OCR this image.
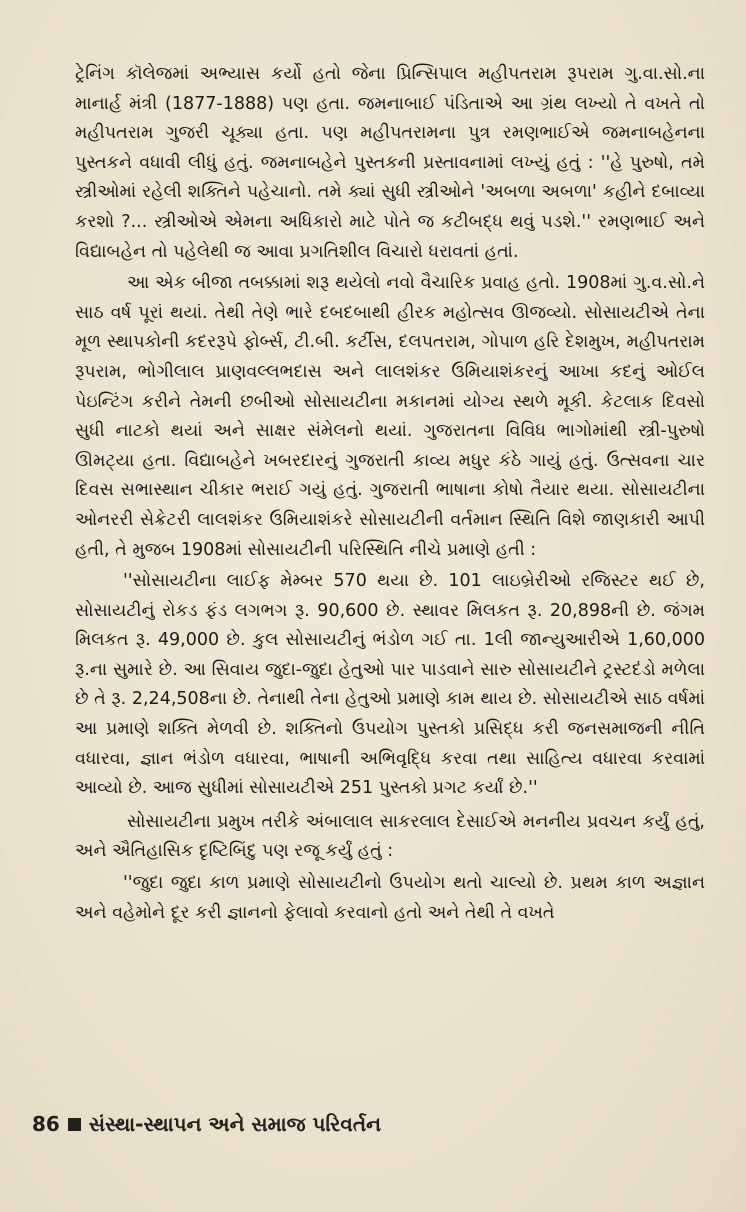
ટ્રેનિંગ કૉલેજમાં અભ્યાસ કર્યો હતો જેના પ્રિન્સિપાલ મહીપતરામ રૂપરામ ગુ.વા.સો.ના માનાર્હ મંત્રી (1877-1888) પણ હતા. જમનાબાઈ પંડિતાએ આ ગ્રંથ લખ્યો તે વખતે તો મહીપતરામ ગુજરી ચૂક્યા હતા. પણ મહીપતરામના પુત્ર રમણભાઈએ જમનાબહેનના પુસ્તકને વધાવી લીધું હતું. જમનાબહેને પુસ્તકની પ્રસ્તાવનામાં લખ્યું હતું : ''હે પુરુષો, તમે સ્ત્રીઓમાં રહેલી શક્તિને પહેચાનો. તમે ક્યાં સુધી સ્ત્રીઓને 'અબળા અબળા' કહીને દબાવ્યા કરશો ?... સ્ત્રીઓએ એમના અધિકારો માટે પોતે જ કટીબદ્ધ થવું પડશે.'' રમણભાઈ અને વિદ્યાબહેન તો પહેલેથી જ આવા પ્રગતિશીલ વિચારો ધરાવતાં હતાં.

આ એક બીજા તબક્કામાં શરૂ થયેલો નવો વૈચારિક પ્રવાહ હતો. 1908માં ગુ.વ.સો.ને સાઠ વર્ષ પૂરાં થયાં. તેથી તેણે ભારે દબદબાથી હીરક મહોત્સવ ઊજવ્યો. સોસાયટીએ તેના મૂળ સ્થાપકોની કદરરૂપે ફોર્બ્સ, ટી.બી. કર્ટીસ, દલપતરામ, ગોપાળ હરિ દેશમુખ, મહીપતરામ રૂપરામ, ભોગીલાલ પ્રાણવલ્લભદાસ અને લાલશંકર ઉમિયાશંકરનું આખા કદનું ઓઈલ પેઇન્ટિંગ કરીને તેમની છબીઓ સોસાયટીના મકાનમાં યોગ્ય સ્થળે મૂકી. કેટલાક દિવસો સુધી નાટકો થયાં અને સાક્ષર સંમેલનો થયાં. ગુજરાતના વિવિધ ભાગોમાંથી સ્ત્રી-પુરુષો ઊમટ્યા હતા. વિદ્યાબહેને ખબરદારનું ગુજરાતી કાવ્ય મધુર કંઠે ગાયું હતું. ઉત્સવના ચાર દિવસ સભાસ્થાન ચીકાર ભરાઈ ગયું હતું. ગુજરાતી ભાષાના કોષો તૈયાર થયા. સોસાયટીના ઓનરરી સેક્રેટરી લાલશંકર ઉમિયાશંકરે સોસાયટીની વર્તમાન સ્થિતિ વિશે જાણકારી આપી હતી, તે મુજબ 1908માં સોસાયટીની પરિસ્થિતિ નીચે પ્રમાણે હતી :

''સોસાયટીના લાઈફ મેમ્બર 570 થયા છે. 101 લાઇબ્રેરીઓ રજિસ્ટર થઈ છે, સોસાયટીનું રોકડ ફંડ લગભગ રૂ. 90,600 છે. સ્થાવર મિલકત રૂ. 20,898ની છે. જંગમ મિલકત રૂ. 49,000 છે. કુલ સોસાયટીનું ભંડોળ ગઈ તા. 1લી જાન્યુઆરીએ 1,60,000 રૂ.ના સુમારે છે. આ સિવાય જુદા-જુદા હેતુઓ પાર પાડવાને સારુ સોસાયટીને ટ્રસ્ટદંડો મળેલા છે તે રૂ. 2,24,508ના છે. તેનાથી તેના હેતુઓ પ્રમાણે કામ થાય છે. સોસાયટીએ સાઠ વર્ષમાં આ પ્રમાણે શક્તિ મેળવી છે. શક્તિનો ઉપયોગ પુસ્તકો પ્રસિદ્ધ કરી જનસમાજની નીતિ વધારવા, જ્ઞાન ભંડોળ વધારવા, ભાષાની અભિવૃદ્ધિ કરવા તથા સાહિત્ય વધારવા કરવામાં આવ્યો છે. આજ સુધીમાં સોસાયટીએ 251 પુસ્તકો પ્રગટ કર્યાં છે.''

સોસાયટીના પ્રમુખ તરીકે અંબાલાલ સાકરલાલ દેસાઈએ મનનીય પ્રવચન કર્યું હતું, અને ઐતિહાસિક દૃષ્ટિબિંદુ પણ રજૂ કર્યું હતું :

''જુદા જુદા કાળ પ્રમાણે સોસાયટીનો ઉપયોગ થતો ચાલ્યો છે. પ્રથમ કાળ અજ્ઞાન અને વહેમોને દૂર કરી જ્ઞાનનો ફેલાવો કરવાનો હતો અને તેથી તે વખતે
86 સંસ્થા-સ્થાપન અને સમાજ પરિવર્તન
